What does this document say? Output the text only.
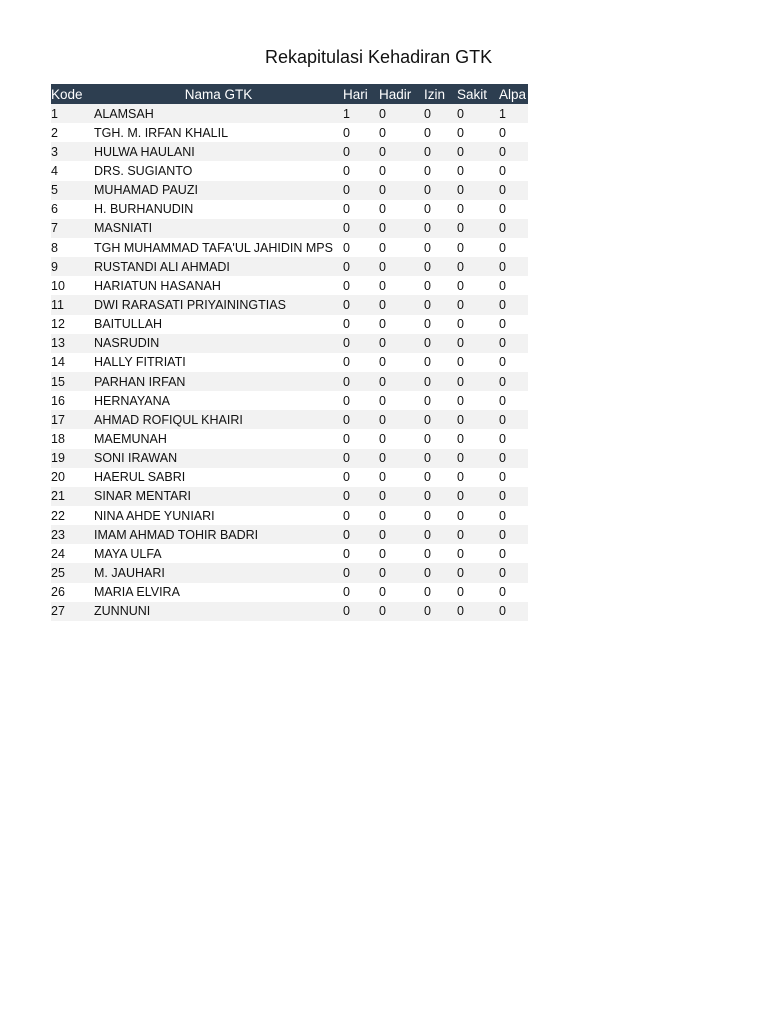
Rekapitulasi Kehadiran GTK
Kode	Nama GTK	Hari	Hadir	Izin	Sakit	Alpa
1	ALAMSAH	1	0	0	0	1
2	TGH. M. IRFAN KHALIL	0	0	0	0	0
3	HULWA HAULANI	0	0	0	0	0
4	DRS. SUGIANTO	0	0	0	0	0
5	MUHAMAD PAUZI	0	0	0	0	0
6	H. BURHANUDIN	0	0	0	0	0
7	MASNIATI	0	0	0	0	0
8	TGH MUHAMMAD TAFA'UL JAHIDIN MPS	0	0	0	0	0
9	RUSTANDI ALI AHMADI	0	0	0	0	0
10	HARIATUN HASANAH	0	0	0	0	0
11	DWI RARASATI PRIYAININGTIAS	0	0	0	0	0
12	BAITULLAH	0	0	0	0	0
13	NASRUDIN	0	0	0	0	0
14	HALLY FITRIATI	0	0	0	0	0
15	PARHAN IRFAN	0	0	0	0	0
16	HERNAYANA	0	0	0	0	0
17	AHMAD ROFIQUL KHAIRI	0	0	0	0	0
18	MAEMUNAH	0	0	0	0	0
19	SONI IRAWAN	0	0	0	0	0
20	HAERUL SABRI	0	0	0	0	0
21	SINAR MENTARI	0	0	0	0	0
22	NINA AHDE YUNIARI	0	0	0	0	0
23	IMAM AHMAD TOHIR BADRI	0	0	0	0	0
24	MAYA ULFA	0	0	0	0	0
25	M. JAUHARI	0	0	0	0	0
26	MARIA ELVIRA	0	0	0	0	0
27	ZUNNUNI	0	0	0	0	0
